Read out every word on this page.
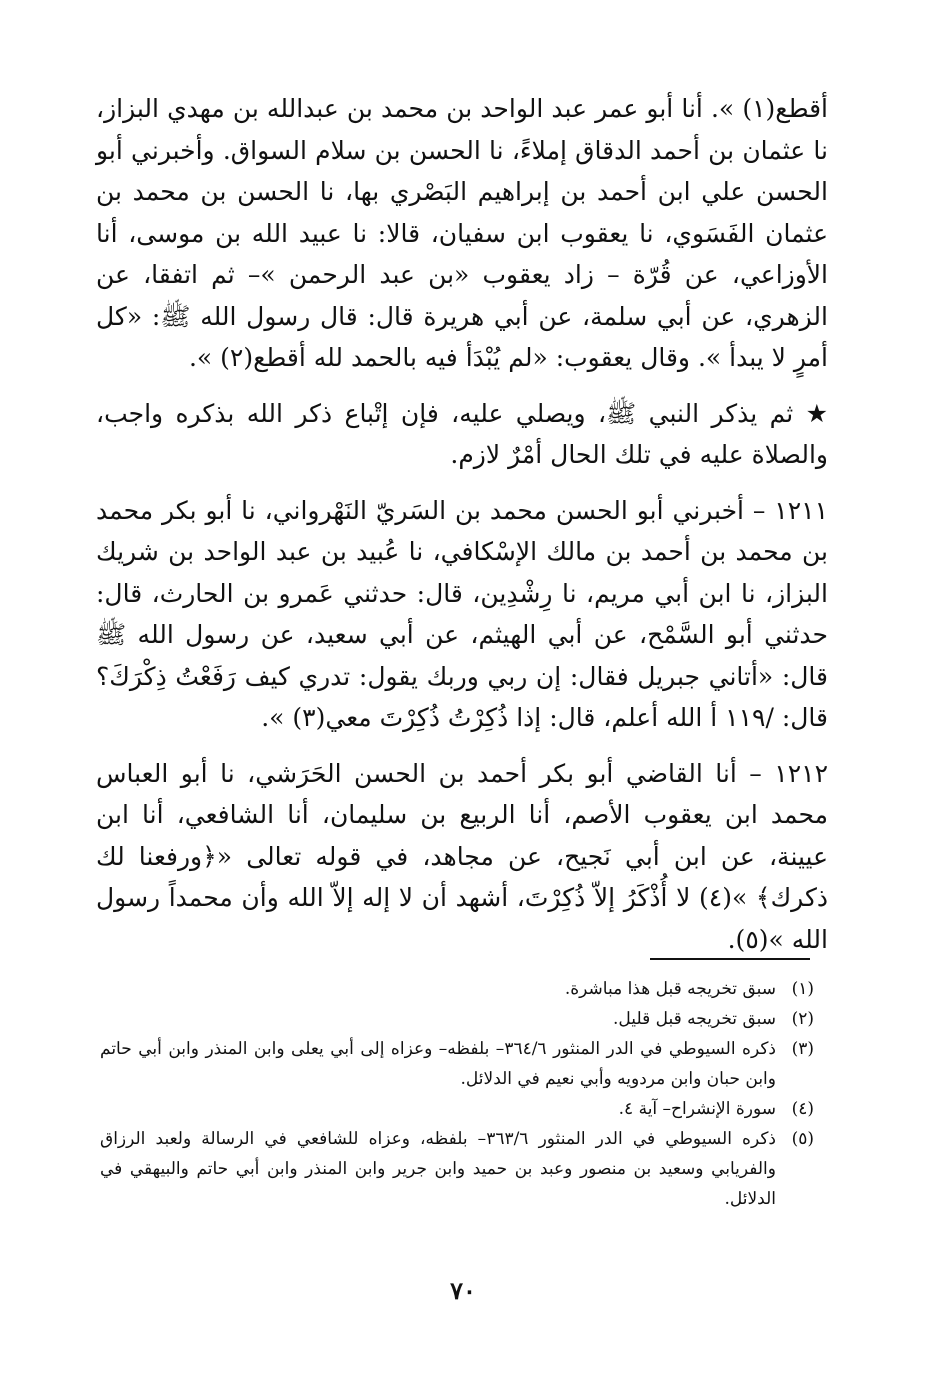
أقطع(١) ». أنا أبو عمر عبد الواحد بن محمد بن عبدالله بن مهدي البزاز، نا عثمان بن أحمد الدقاق إملاءً، نا الحسن بن سلام السواق. وأخبرني أبو الحسن علي ابن أحمد بن إبراهيم البَصْري بها، نا الحسن بن محمد بن عثمان الفَسَوي، نا يعقوب ابن سفيان، قالا: نا عبيد الله بن موسى، أنا الأوزاعي، عن قُرّة – زاد يعقوب «بن عبد الرحمن »– ثم اتفقا، عن الزهري، عن أبي سلمة، عن أبي هريرة قال: قال رسول الله ﷺ: «كل أمرٍ لا يبدأ ». وقال يعقوب: «لم يُبْدَأ فيه بالحمد لله أقطع(٢) ».

★ ثم يذكر النبي ﷺ، ويصلي عليه، فإن إتْباع ذكر الله بذكره واجب، والصلاة عليه في تلك الحال أمْرٌ لازم.

١٢١١ – أخبرني أبو الحسن محمد بن السَريّ النَهْرواني، نا أبو بكر محمد بن محمد بن أحمد بن مالك الإسْكافي، نا عُبيد بن عبد الواحد بن شريك البزاز، نا ابن أبي مريم، نا رِشْدِين، قال: حدثني عَمرو بن الحارث، قال: حدثني أبو السَّمْح، عن أبي الهيثم، عن أبي سعيد، عن رسول الله ﷺ قال: «أتاني جبريل فقال: إن ربي وربك يقول: تدري كيف رَفَعْتُ ذِكْرَكَ؟ قال: /١١٩ أ الله أعلم، قال: إذا ذُكِرْتُ ذُكِرْتَ معي(٣) ».

١٢١٢ – أنا القاضي أبو بكر أحمد بن الحسن الحَرَشي، نا أبو العباس محمد ابن يعقوب الأصم، أنا الربيع بن سليمان، أنا الشافعي، أنا ابن عيينة، عن ابن أبي نَجيح، عن مجاهد، في قوله تعالى «﴿ورفعنا لك ذكرك﴾ »(٤) لا أُذْكَرُ إلاّ ذُكِرْتَ، أشهد أن لا إله إلاّ الله وأن محمداً رسول الله »(٥).

(١)
سبق تخريجه قبل هذا مباشرة.
(٢)
سبق تخريجه قبل قليل.
(٣)
ذكره السيوطي في الدر المنثور ٣٦٤/٦– بلفظه– وعزاه إلى أبي يعلى وابن المنذر وابن أبي حاتم وابن حبان وابن مردويه وأبي نعيم في الدلائل.
(٤)
سورة الإنشراح– آية ٤.
(٥)
ذكره السيوطي في الدر المنثور ٣٦٣/٦– بلفظه، وعزاه للشافعي في الرسالة ولعبد الرزاق والفريابي وسعيد بن منصور وعبد بن حميد وابن جرير وابن المنذر وابن أبي حاتم والبيهقي في الدلائل.
٧٠
